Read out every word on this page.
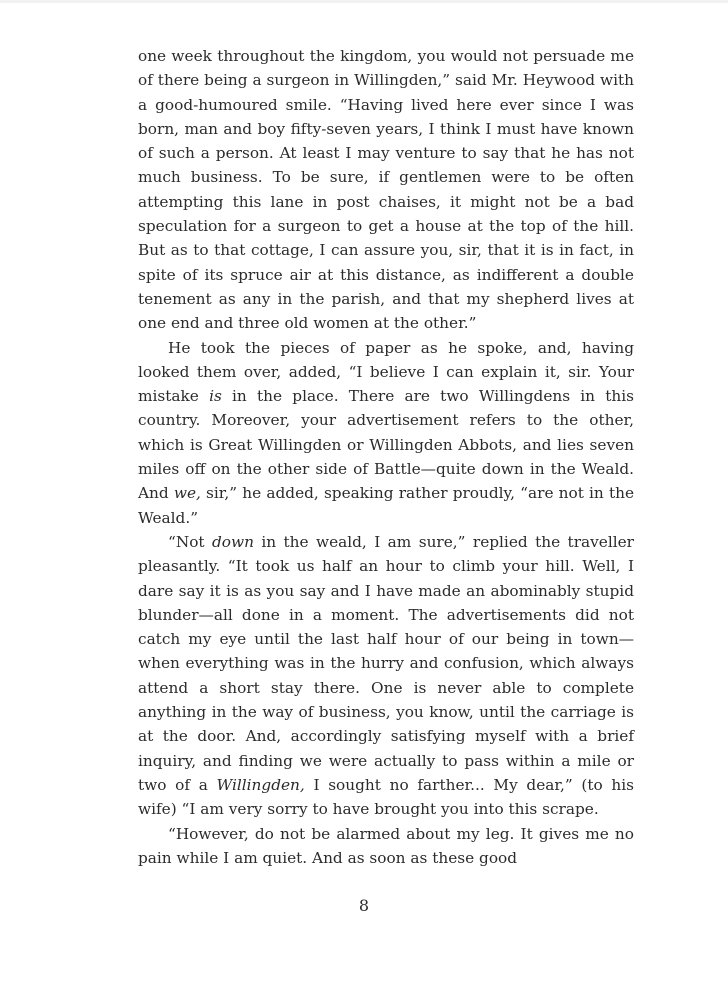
one week throughout the kingdom, you would not persuade me of there being a surgeon in Willingden,” said Mr. Heywood with a good-humoured smile. “Having lived here ever since I was born, man and boy fifty-seven years, I think I must have known of such a person. At least I may venture to say that he has not much business. To be sure, if gentlemen were to be often attempting this lane in post chaises, it might not be a bad speculation for a surgeon to get a house at the top of the hill. But as to that cottage, I can assure you, sir, that it is in fact, in spite of its spruce air at this distance, as indifferent a double tenement as any in the parish, and that my shepherd lives at one end and three old women at the other.”

He took the pieces of paper as he spoke, and, having looked them over, added, “I believe I can explain it, sir. Your mistake is in the place. There are two Willingdens in this country. Moreover, your advertisement refers to the other, which is Great Willingden or Willingden Abbots, and lies seven miles off on the other side of Battle—quite down in the Weald. And we, sir,” he added, speaking rather proudly, “are not in the Weald.”

“Not down in the weald, I am sure,” replied the traveller pleasantly. “It took us half an hour to climb your hill. Well, I dare say it is as you say and I have made an abominably stupid blunder—all done in a moment. The advertisements did not catch my eye until the last half hour of our being in town—when everything was in the hurry and confusion, which always attend a short stay there. One is never able to complete anything in the way of business, you know, until the carriage is at the door. And, accordingly satisfying myself with a brief inquiry, and finding we were actually to pass within a mile or two of a Willingden, I sought no farther... My dear,” (to his wife) “I am very sorry to have brought you into this scrape.

“However, do not be alarmed about my leg. It gives me no pain while I am quiet. And as soon as these good

8
